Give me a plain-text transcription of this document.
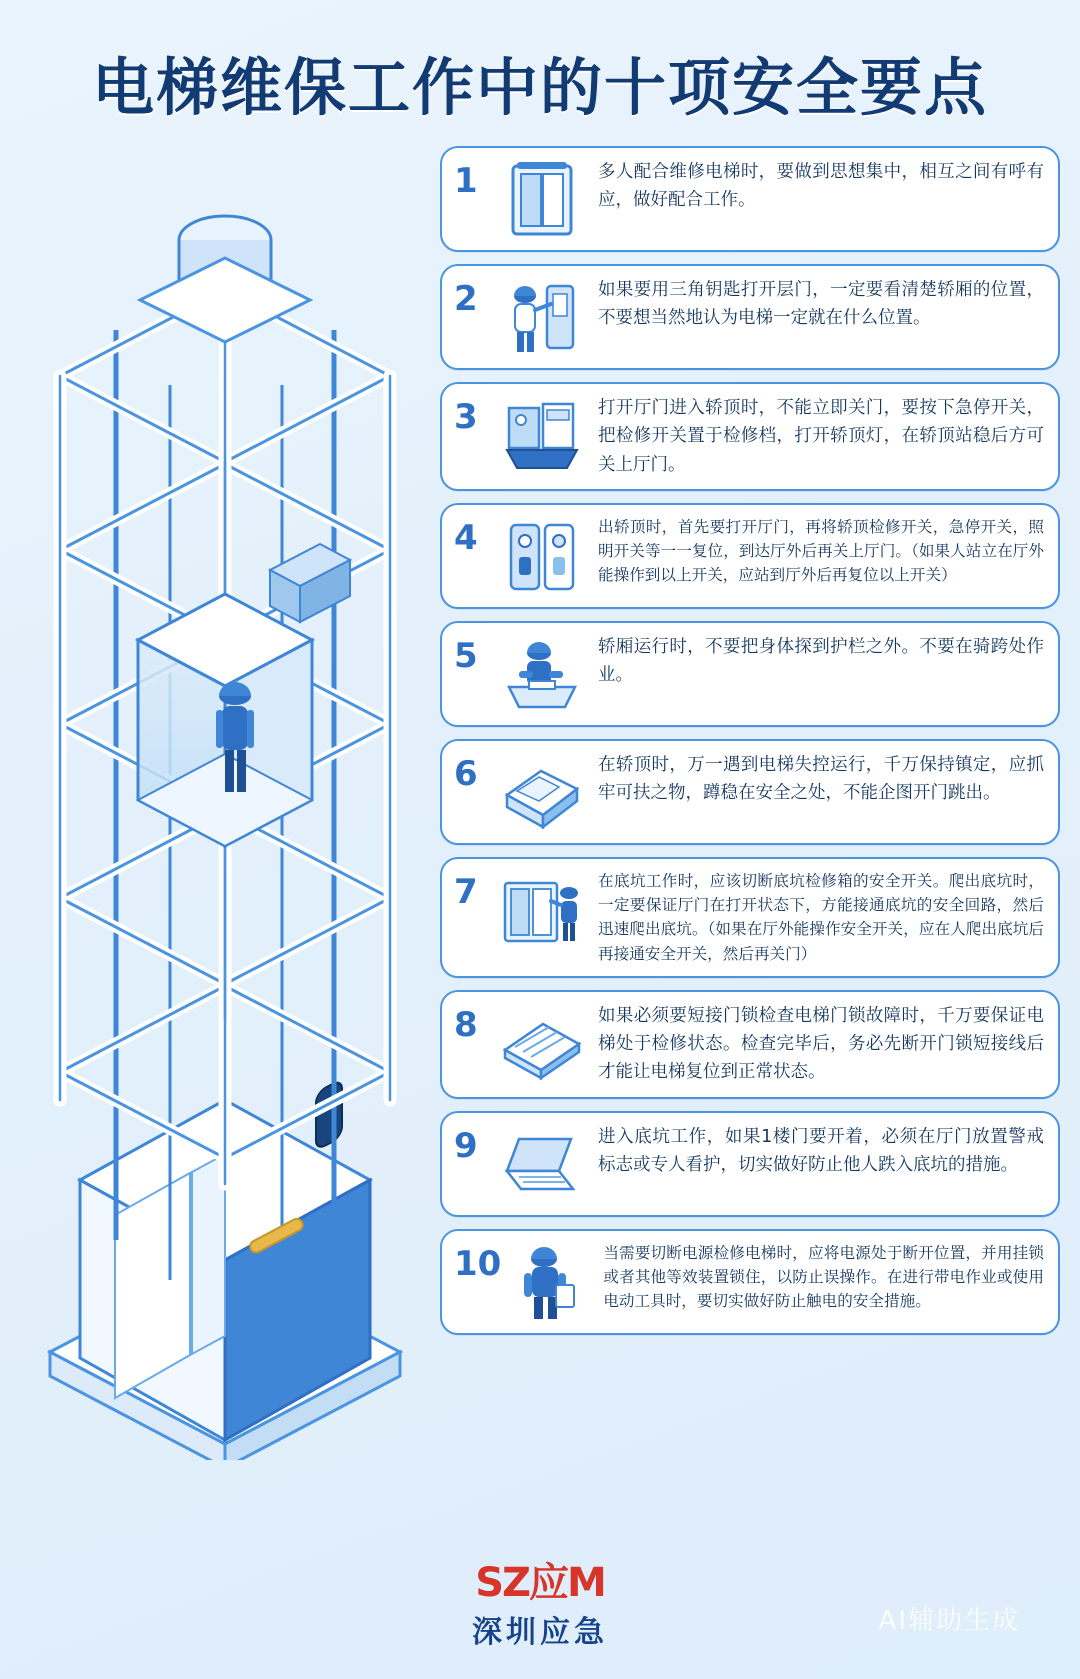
电梯维保工作中的十项安全要点
1	多人配合维修电梯时，要做到思想集中，相互之间有呼有应，做好配合工作。
2	如果要用三角钥匙打开层门，一定要看清楚轿厢的位置，不要想当然地认为电梯一定就在什么位置。
3	打开厅门进入轿顶时，不能立即关门，要按下急停开关，把检修开关置于检修档，打开轿顶灯，在轿顶站稳后方可关上厅门。
4	出轿顶时，首先要打开厅门，再将轿顶检修开关，急停开关，照明开关等一一复位，到达厅外后再关上厅门。（如果人站立在厅外能操作到以上开关，应站到厅外后再复位以上开关）
5	轿厢运行时，不要把身体探到护栏之外。不要在骑跨处作业。
6	在轿顶时，万一遇到电梯失控运行，千万保持镇定，应抓牢可扶之物，蹲稳在安全之处，不能企图开门跳出。
7	在底坑工作时，应该切断底坑检修箱的安全开关。爬出底坑时，一定要保证厅门在打开状态下，方能接通底坑的安全回路，然后迅速爬出底坑。（如果在厅外能操作安全开关，应在人爬出底坑后再接通安全开关，然后再关门）
8	如果必须要短接门锁检查电梯门锁故障时，千万要保证电梯处于检修状态。检查完毕后，务必先断开门锁短接线后才能让电梯复位到正常状态。
9	进入底坑工作，如果1楼门要开着，必须在厅门放置警戒标志或专人看护，切实做好防止他人跌入底坑的措施。
10	当需要切断电源检修电梯时，应将电源处于断开位置，并用挂锁或者其他等效装置锁住，以防止误操作。在进行带电作业或使用电动工具时，要切实做好防止触电的安全措施。
SZ应M
深圳应急	AI辅助生成
